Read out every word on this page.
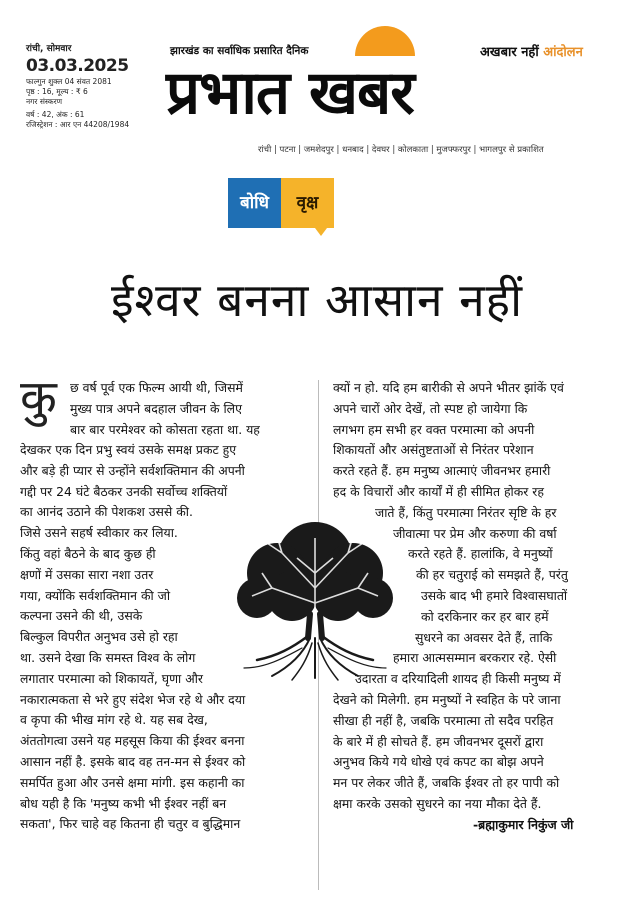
रांची, सोमवार
03.03.2025
फाल्गुन शुक्ल 04 संवत 2081
पृष्ठ : 16, मूल्य : ₹ 6
नगर संस्करण
वर्ष : 42, अंक : 61
रजिस्ट्रेशन : आर एन 44208/1984
झारखंड का सर्वाधिक प्रसारित दैनिक	अखबार नहीं आंदोलन
प्रभात खबर
रांची | पटना | जमशेदपुर | धनबाद | देवघर | कोलकाता | मुजफ्फरपुर | भागलपुर से प्रकाशित
बोधि	वृक्ष
ईश्वर बनना आसान नहीं
कु छ वर्ष पूर्व एक फिल्म आयी थी, जिसमें

मुख्य पात्र अपने बदहाल जीवन के लिए

बार बार परमेश्वर को कोसता रहता था. यह

देखकर एक दिन प्रभु स्वयं उसके समक्ष प्रकट हुए

और बड़े ही प्यार से उन्होंने सर्वशक्तिमान की अपनी

गद्दी पर 24 घंटे बैठकर उनकी सर्वोच्च शक्तियों

का आनंद उठाने की पेशकश उससे की.

जिसे उसने सहर्ष स्वीकार कर लिया.

किंतु वहां बैठने के बाद कुछ ही

क्षणों में उसका सारा नशा उतर

गया, क्योंकि सर्वशक्तिमान की जो

कल्पना उसने की थी, उसके

बिल्कुल विपरीत अनुभव उसे हो रहा

था. उसने देखा कि समस्त विश्व के लोग

लगातार परमात्मा को शिकायतें, घृणा और

नकारात्मकता से भरे हुए संदेश भेज रहे थे और दया

व कृपा की भीख मांग रहे थे. यह सब देख,

अंततोगत्वा उसने यह महसूस किया की ईश्वर बनना

आसान नहीं है. इसके बाद वह तन-मन से ईश्वर को

समर्पित हुआ और उनसे क्षमा मांगी. इस कहानी का

बोध यही है कि 'मनुष्य कभी भी ईश्वर नहीं बन

सकता', फिर चाहे वह कितना ही चतुर व बुद्धिमान

क्यों न हो. यदि हम बारीकी से अपने भीतर झांकें एवं

अपने चारों ओर देखें, तो स्पष्ट हो जायेगा कि

लगभग हम सभी हर वक्त परमात्मा को अपनी

शिकायतों और असंतुष्टताओं से निरंतर परेशान

करते रहते हैं. हम मनुष्य आत्माएं जीवनभर हमारी

हद के विचारों और कार्यों में ही सीमित होकर रह

जाते हैं, किंतु परमात्मा निरंतर सृष्टि के हर

जीवात्मा पर प्रेम और करुणा की वर्षा

करते रहते हैं. हालांकि, वे मनुष्यों

की हर चतुराई को समझते हैं, परंतु

उसके बाद भी हमारे विश्वासघातों

को दरकिनार कर हर बार हमें

सुधरने का अवसर देते हैं, ताकि

हमारा आत्मसम्मान बरकरार रहे. ऐसी

उदारता व दरियादिली शायद ही किसी मनुष्य में

देखने को मिलेगी. हम मनुष्यों ने स्वहित के परे जाना

सीखा ही नहीं है, जबकि परमात्मा तो सदैव परहित

के बारे में ही सोचते हैं. हम जीवनभर दूसरों द्वारा

अनुभव किये गये धोखे एवं कपट का बोझ अपने

मन पर लेकर जीते हैं, जबकि ईश्वर तो हर पापी को

क्षमा करके उसको सुधरने का नया मौका देते हैं.

-ब्रह्माकुमार निकुंज जी
